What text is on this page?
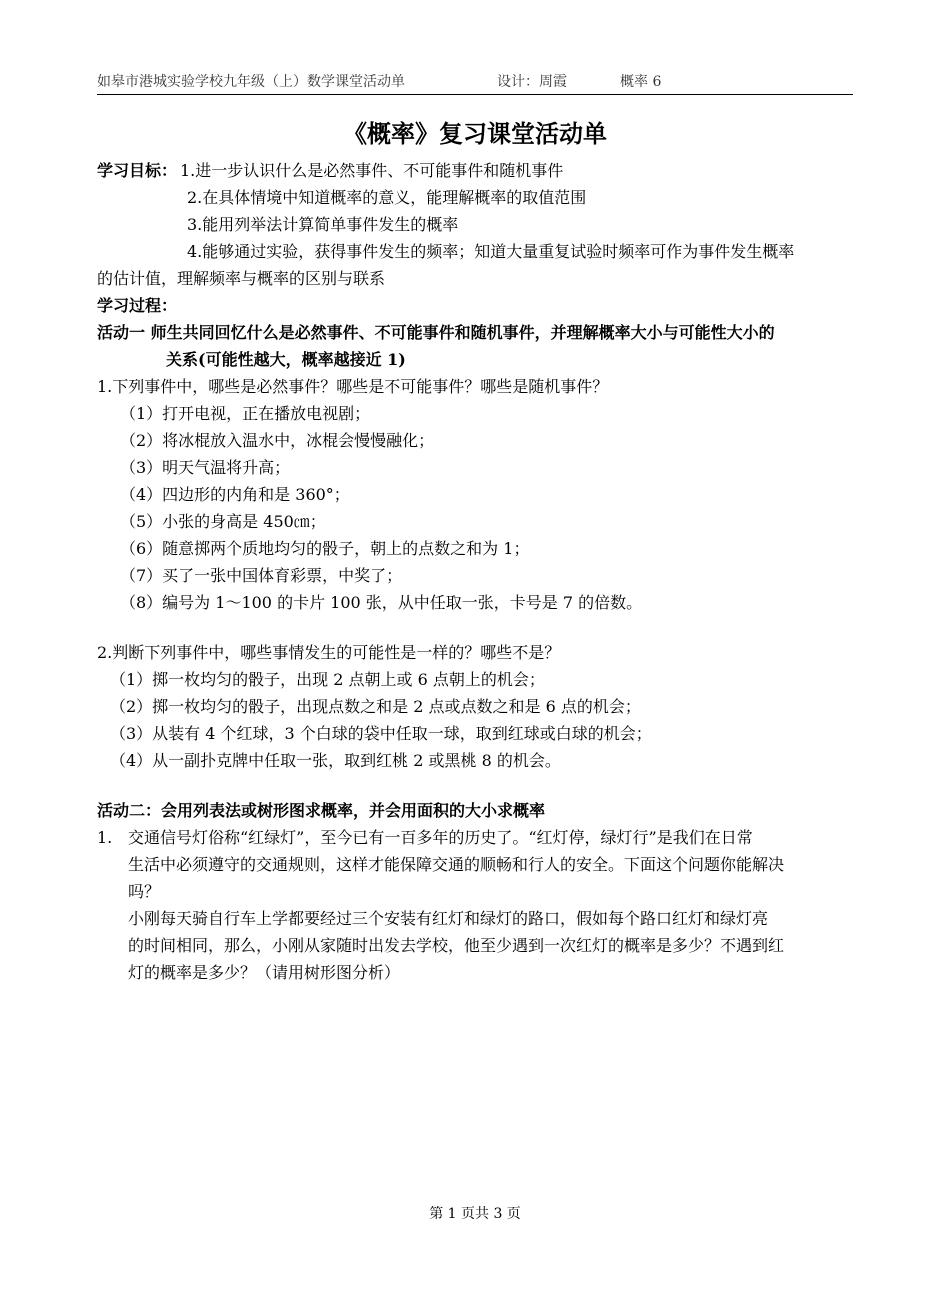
如皋市港城实验学校九年级（上）数学课堂活动单	设计：周霞	概率 6
《概率》复习课堂活动单
学习目标： 1.进一步认识什么是必然事件、不可能事件和随机事件
2.在具体情境中知道概率的意义，能理解概率的取值范围
3.能用列举法计算简单事件发生的概率
4.能够通过实验，获得事件发生的频率；知道大量重复试验时频率可作为事件发生概率
的估计值，理解频率与概率的区别与联系
学习过程：
活动一 师生共同回忆什么是必然事件、不可能事件和随机事件，并理解概率大小与可能性大小的
关系(可能性越大，概率越接近 1)
1.下列事件中，哪些是必然事件？哪些是不可能事件？哪些是随机事件？
（1）打开电视，正在播放电视剧；
（2）将冰棍放入温水中，冰棍会慢慢融化；
（3）明天气温将升高；
（4）四边形的内角和是 360°；
（5）小张的身高是 450㎝；
（6）随意掷两个质地均匀的骰子，朝上的点数之和为 1；
（7）买了一张中国体育彩票，中奖了；
（8）编号为 1～100 的卡片 100 张，从中任取一张，卡号是 7 的倍数。
2.判断下列事件中，哪些事情发生的可能性是一样的？哪些不是？
（1）掷一枚均匀的骰子，出现 2 点朝上或 6 点朝上的机会；
（2）掷一枚均匀的骰子，出现点数之和是 2 点或点数之和是 6 点的机会；
（3）从装有 4 个红球，3 个白球的袋中任取一球，取到红球或白球的机会；
（4）从一副扑克牌中任取一张，取到红桃 2 或黑桃 8 的机会。
活动二：会用列表法或树形图求概率，并会用面积的大小求概率
1. 交通信号灯俗称“红绿灯”，至今已有一百多年的历史了。“红灯停，绿灯行”是我们在日常
生活中必须遵守的交通规则，这样才能保障交通的顺畅和行人的安全。下面这个问题你能解决
吗？
小刚每天骑自行车上学都要经过三个安装有红灯和绿灯的路口，假如每个路口红灯和绿灯亮
的时间相同，那么，小刚从家随时出发去学校，他至少遇到一次红灯的概率是多少？不遇到红
灯的概率是多少？（请用树形图分析）
第 1 页共 3 页
